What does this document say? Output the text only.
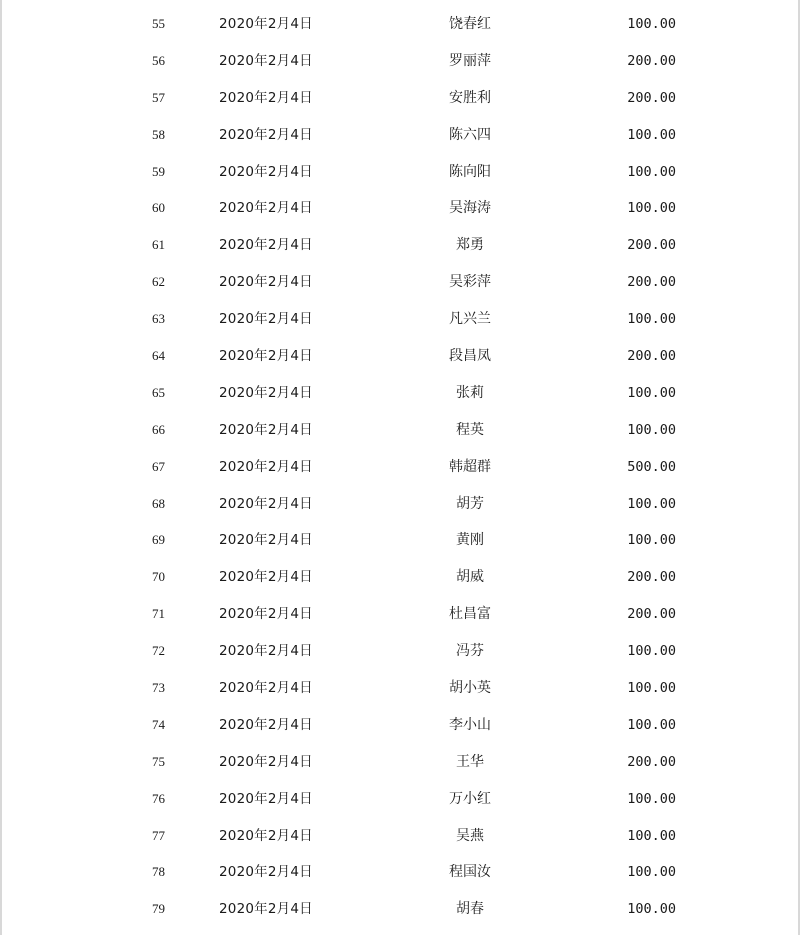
55	2020年2月4日	饶春红	100.00
56	2020年2月4日	罗丽萍	200.00
57	2020年2月4日	安胜利	200.00
58	2020年2月4日	陈六四	100.00
59	2020年2月4日	陈向阳	100.00
60	2020年2月4日	吴海涛	100.00
61	2020年2月4日	郑勇	200.00
62	2020年2月4日	吴彩萍	200.00
63	2020年2月4日	凡兴兰	100.00
64	2020年2月4日	段昌凤	200.00
65	2020年2月4日	张莉	100.00
66	2020年2月4日	程英	100.00
67	2020年2月4日	韩超群	500.00
68	2020年2月4日	胡芳	100.00
69	2020年2月4日	黄刚	100.00
70	2020年2月4日	胡威	200.00
71	2020年2月4日	杜昌富	200.00
72	2020年2月4日	冯芬	100.00
73	2020年2月4日	胡小英	100.00
74	2020年2月4日	李小山	100.00
75	2020年2月4日	王华	200.00
76	2020年2月4日	万小红	100.00
77	2020年2月4日	吴燕	100.00
78	2020年2月4日	程国汝	100.00
79	2020年2月4日	胡春	100.00
